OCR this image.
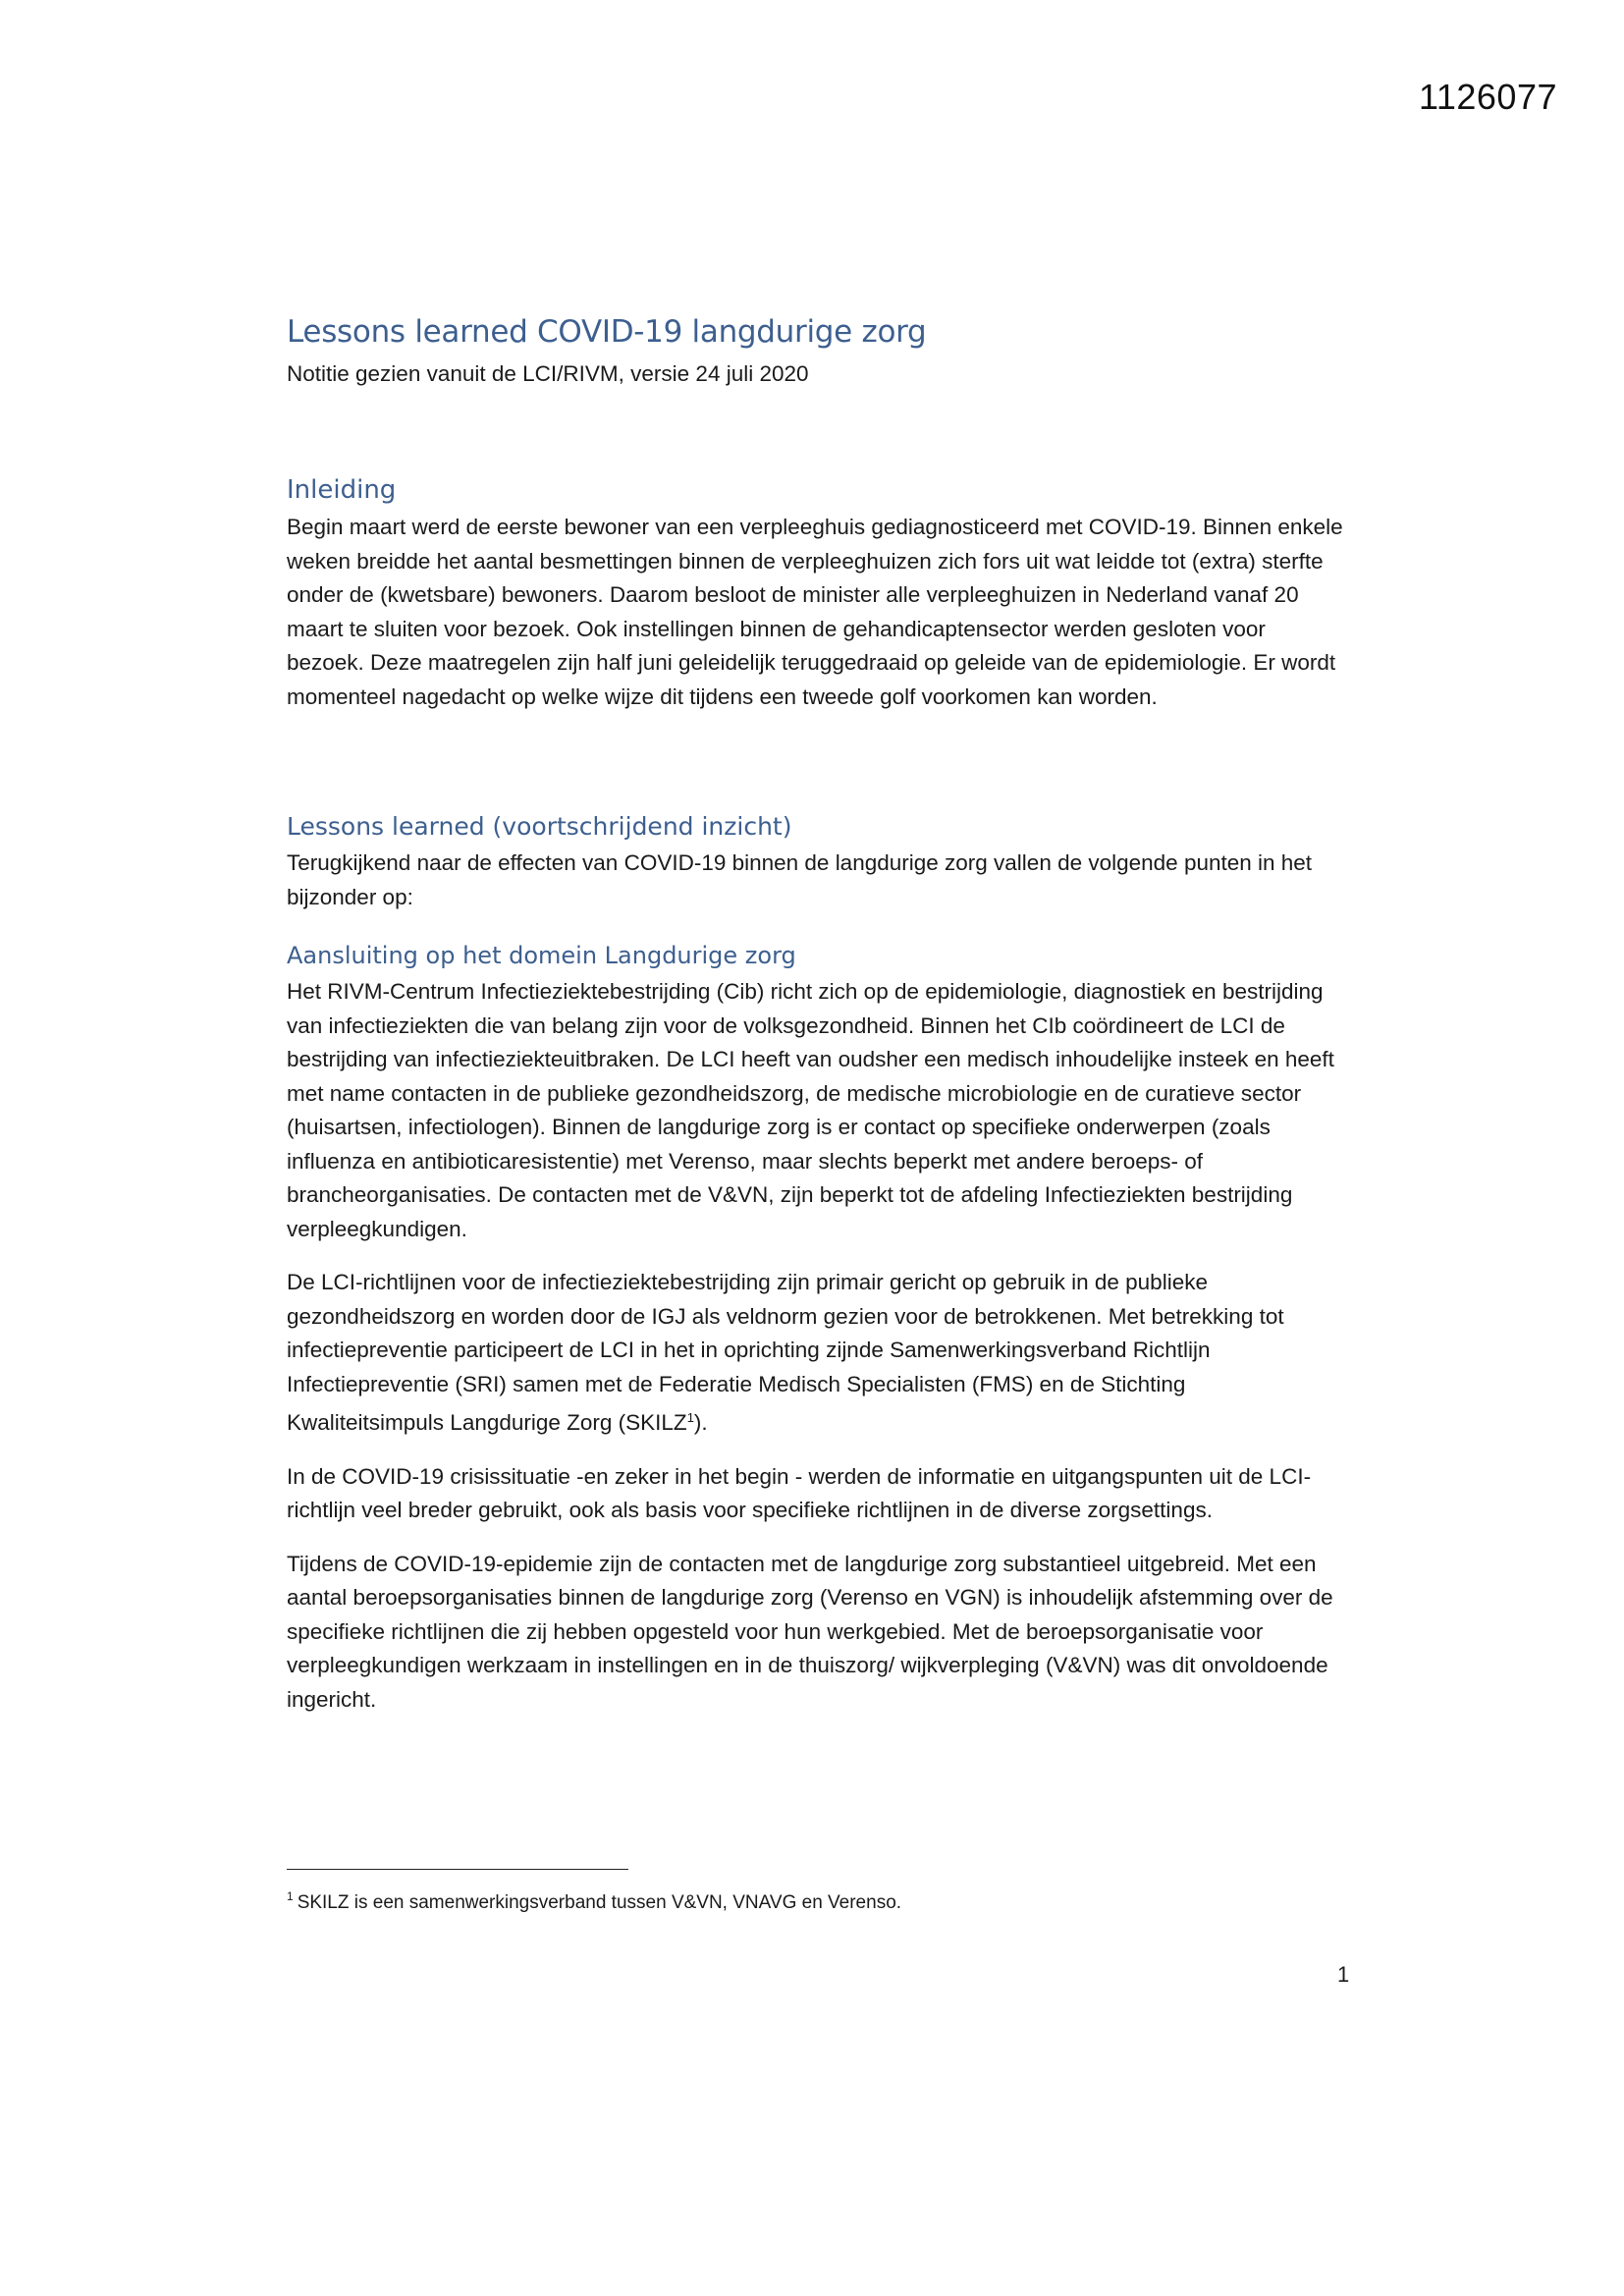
1126077
Lessons learned COVID-19 langdurige zorg
Notitie gezien vanuit de LCI/RIVM, versie 24 juli 2020
Inleiding

Begin maart werd de eerste bewoner van een verpleeghuis gediagnosticeerd met COVID-19. Binnen enkele weken breidde het aantal besmettingen binnen de verpleeghuizen zich fors uit wat leidde tot (extra) sterfte onder de (kwetsbare) bewoners. Daarom besloot de minister alle verpleeghuizen in Nederland vanaf 20 maart te sluiten voor bezoek. Ook instellingen binnen de gehandicaptensector werden gesloten voor bezoek. Deze maatregelen zijn half juni geleidelijk teruggedraaid op geleide van de epidemiologie. Er wordt momenteel nagedacht op welke wijze dit tijdens een tweede golf voorkomen kan worden.

Lessons learned (voortschrijdend inzicht)

Terugkijkend naar de effecten van COVID-19 binnen de langdurige zorg vallen de volgende punten in het bijzonder op:

Aansluiting op het domein Langdurige zorg

Het RIVM-Centrum Infectieziektebestrijding (Cib) richt zich op de epidemiologie, diagnostiek en bestrijding van infectieziekten die van belang zijn voor de volksgezondheid. Binnen het CIb coördineert de LCI de bestrijding van infectieziekteuitbraken. De LCI heeft van oudsher een medisch inhoudelijke insteek en heeft met name contacten in de publieke gezondheidszorg, de medische microbiologie en de curatieve sector (huisartsen, infectiologen). Binnen de langdurige zorg is er contact op specifieke onderwerpen (zoals influenza en antibioticaresistentie) met Verenso, maar slechts beperkt met andere beroeps- of brancheorganisaties. De contacten met de V&VN, zijn beperkt tot de afdeling Infectieziekten bestrijding verpleegkundigen.

De LCI-richtlijnen voor de infectieziektebestrijding zijn primair gericht op gebruik in de publieke gezondheidszorg en worden door de IGJ als veldnorm gezien voor de betrokkenen. Met betrekking tot infectiepreventie participeert de LCI in het in oprichting zijnde Samenwerkingsverband Richtlijn Infectiepreventie (SRI) samen met de Federatie Medisch Specialisten (FMS) en de Stichting Kwaliteitsimpuls Langdurige Zorg (SKILZ$^1$).

In de COVID-19 crisissituatie -en zeker in het begin - werden de informatie en uitgangspunten uit de LCI-richtlijn veel breder gebruikt, ook als basis voor specifieke richtlijnen in de diverse zorgsettings.

Tijdens de COVID-19-epidemie zijn de contacten met de langdurige zorg substantieel uitgebreid. Met een aantal beroepsorganisaties binnen de langdurige zorg (Verenso en VGN) is inhoudelijk afstemming over de specifieke richtlijnen die zij hebben opgesteld voor hun werkgebied. Met de beroepsorganisatie voor verpleegkundigen werkzaam in instellingen en in de thuiszorg/ wijkverpleging (V&VN) was dit onvoldoende ingericht.

$^1$ SKILZ is een samenwerkingsverband tussen V&VN, VNAVG en Verenso.
1
